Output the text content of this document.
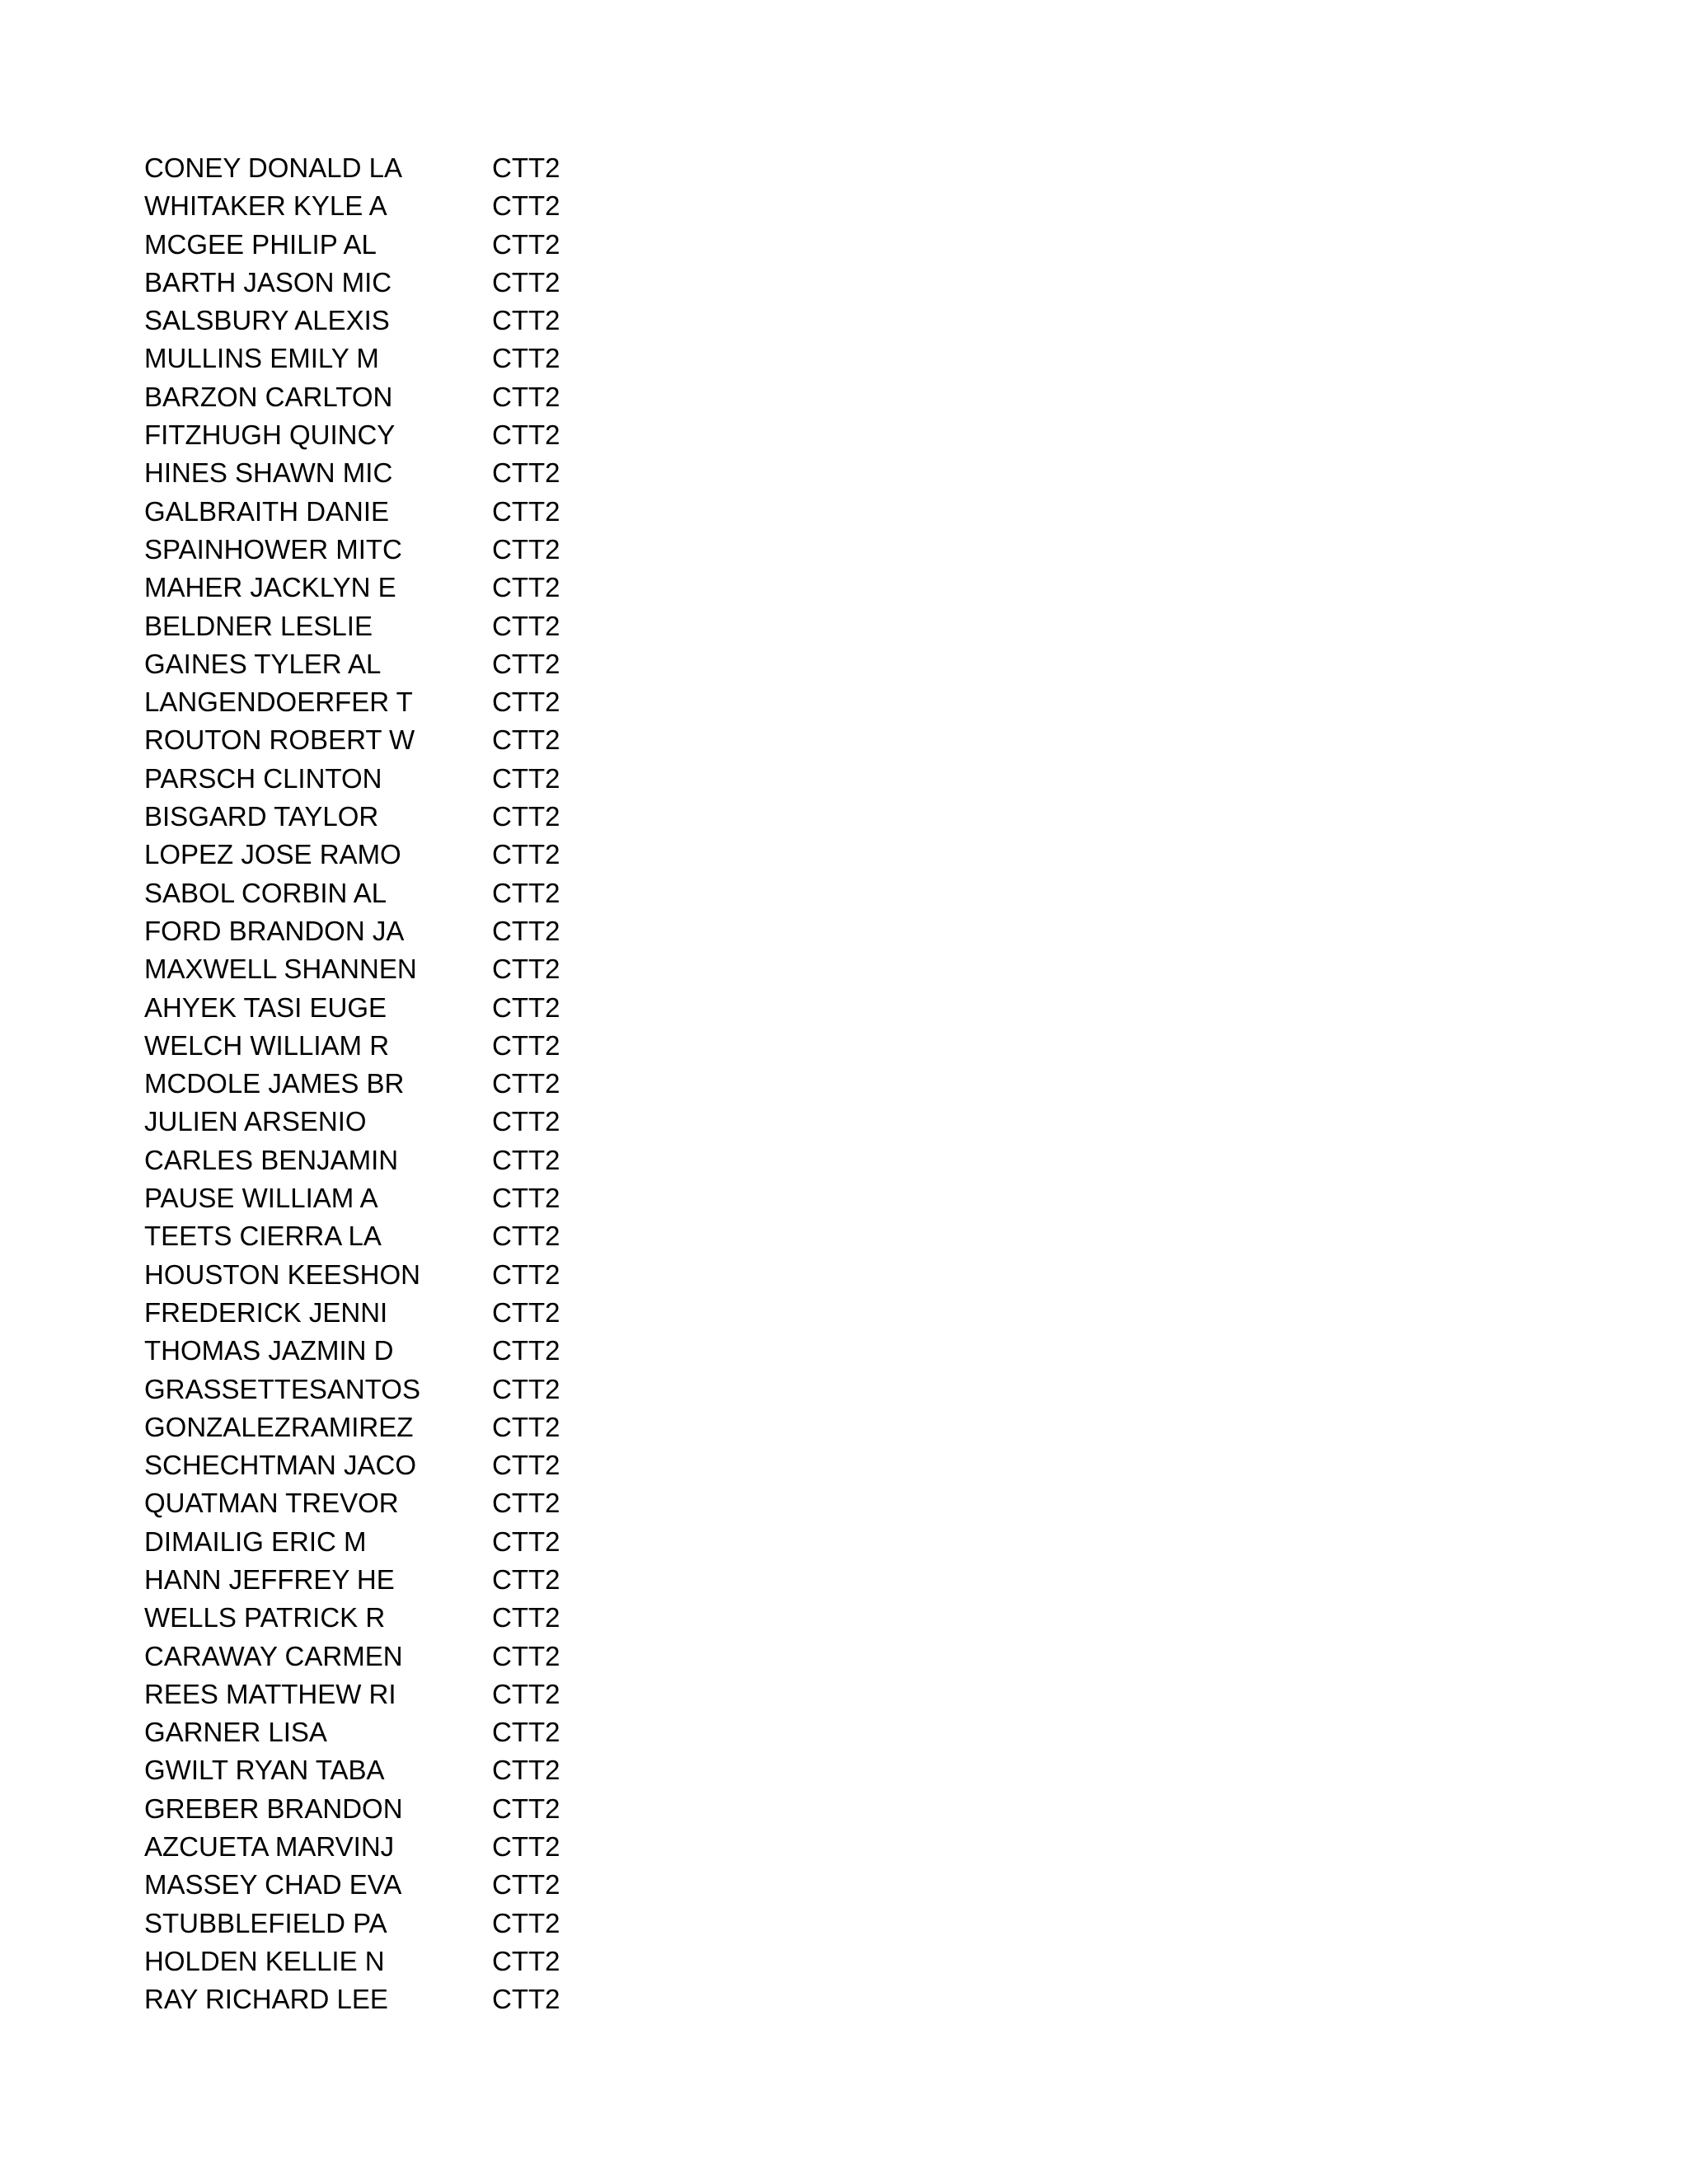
CONEY DONALD LA	CTT2
WHITAKER KYLE A	CTT2
MCGEE PHILIP AL	CTT2
BARTH JASON MIC	CTT2
SALSBURY ALEXIS	CTT2
MULLINS EMILY M	CTT2
BARZON CARLTON	CTT2
FITZHUGH QUINCY	CTT2
HINES SHAWN MIC	CTT2
GALBRAITH DANIE	CTT2
SPAINHOWER MITC	CTT2
MAHER JACKLYN E	CTT2
BELDNER LESLIE	CTT2
GAINES TYLER AL	CTT2
LANGENDOERFER T	CTT2
ROUTON ROBERT W	CTT2
PARSCH CLINTON	CTT2
BISGARD TAYLOR	CTT2
LOPEZ JOSE RAMO	CTT2
SABOL CORBIN AL	CTT2
FORD BRANDON JA	CTT2
MAXWELL SHANNEN	CTT2
AHYEK TASI EUGE	CTT2
WELCH WILLIAM R	CTT2
MCDOLE JAMES BR	CTT2
JULIEN ARSENIO	CTT2
CARLES BENJAMIN	CTT2
PAUSE WILLIAM A	CTT2
TEETS CIERRA LA	CTT2
HOUSTON KEESHON	CTT2
FREDERICK JENNI	CTT2
THOMAS JAZMIN D	CTT2
GRASSETTESANTOS	CTT2
GONZALEZRAMIREZ	CTT2
SCHECHTMAN JACO	CTT2
QUATMAN TREVOR	CTT2
DIMAILIG ERIC M	CTT2
HANN JEFFREY HE	CTT2
WELLS PATRICK R	CTT2
CARAWAY CARMEN	CTT2
REES MATTHEW RI	CTT2
GARNER LISA	CTT2
GWILT RYAN TABA	CTT2
GREBER BRANDON	CTT2
AZCUETA MARVINJ	CTT2
MASSEY CHAD EVA	CTT2
STUBBLEFIELD PA	CTT2
HOLDEN KELLIE N	CTT2
RAY RICHARD LEE	CTT2
